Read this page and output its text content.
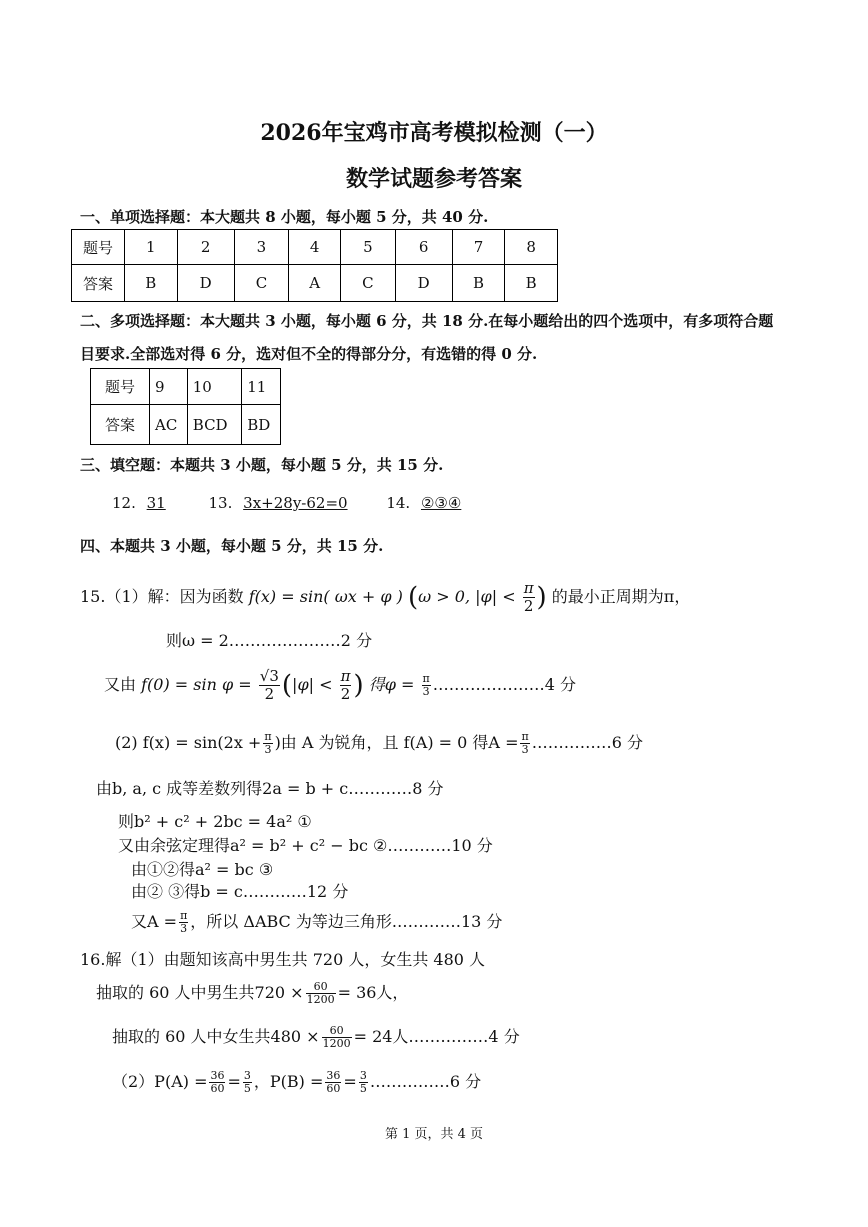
2026年宝鸡市高考模拟检测（一）
数学试题参考答案
一、单项选择题：本大题共 8 小题，每小题 5 分，共 40 分.
题号	1	2	3	4	5	6	7	8
答案	B	D	C	A	C	D	B	B
二、多项选择题：本大题共 3 小题，每小题 6 分，共 18 分.在每小题给出的四个选项中，有多项符合题
目要求.全部选对得 6 分，选对但不全的得部分分，有选错的得 0 分.
题号	9	10	11
答案	AC	BCD	BD
三、填空题：本题共 3 小题，每小题 5 分，共 15 分.
12. 31	13. 3x+28y-62=0	14. ②③④
四、本题共 3 小题，每小题 5 分，共 15 分.
15.（1）解：因为函数 f(x) = sin( ωx + φ ) (ω > 0, $|\varphi| < \frac{\pi}{2}$ ) 的最小正周期为π，
则ω = 2…………………2 分
又由 $f(0) = \sin \varphi = \frac{√3}{2} (|\varphi| < \frac{\pi}{2}$ ) 得$\varphi = \frac{\pi}{3}$ …………………4 分
(2) $f(x) = \sin(2x + \frac{\pi}{3}$ )由 A 为锐角，且 f(A) = 0 得$A = \frac{\pi}{3}$ ……………6 分
由b, a, c 成等差数列得2a = b + c…………8 分
则b² + c² + 2bc = 4a² ①
又由余弦定理得a² = b² + c² − bc ②…………10 分
由①②得a² = bc ③
由② ③得b = c…………12 分
又$A = \frac{\pi}{3}$ ，所以 ΔABC 为等边三角形.…………13 分
16.解（1）由题知该高中男生共 720 人，女生共 480 人
抽取的 60 人中男生共$720 \times \frac{60}{1200} = 36$人，
抽取的 60 人中女生共$480 \times \frac{60}{1200} = 24$人……………4 分
$(2)P(A) = \frac{36}{60} = \frac{3}{5}$ ，$P(B) = \frac{36}{60} = \frac{3}{5}$ ……………6 分
第 1 页，共 4 页
